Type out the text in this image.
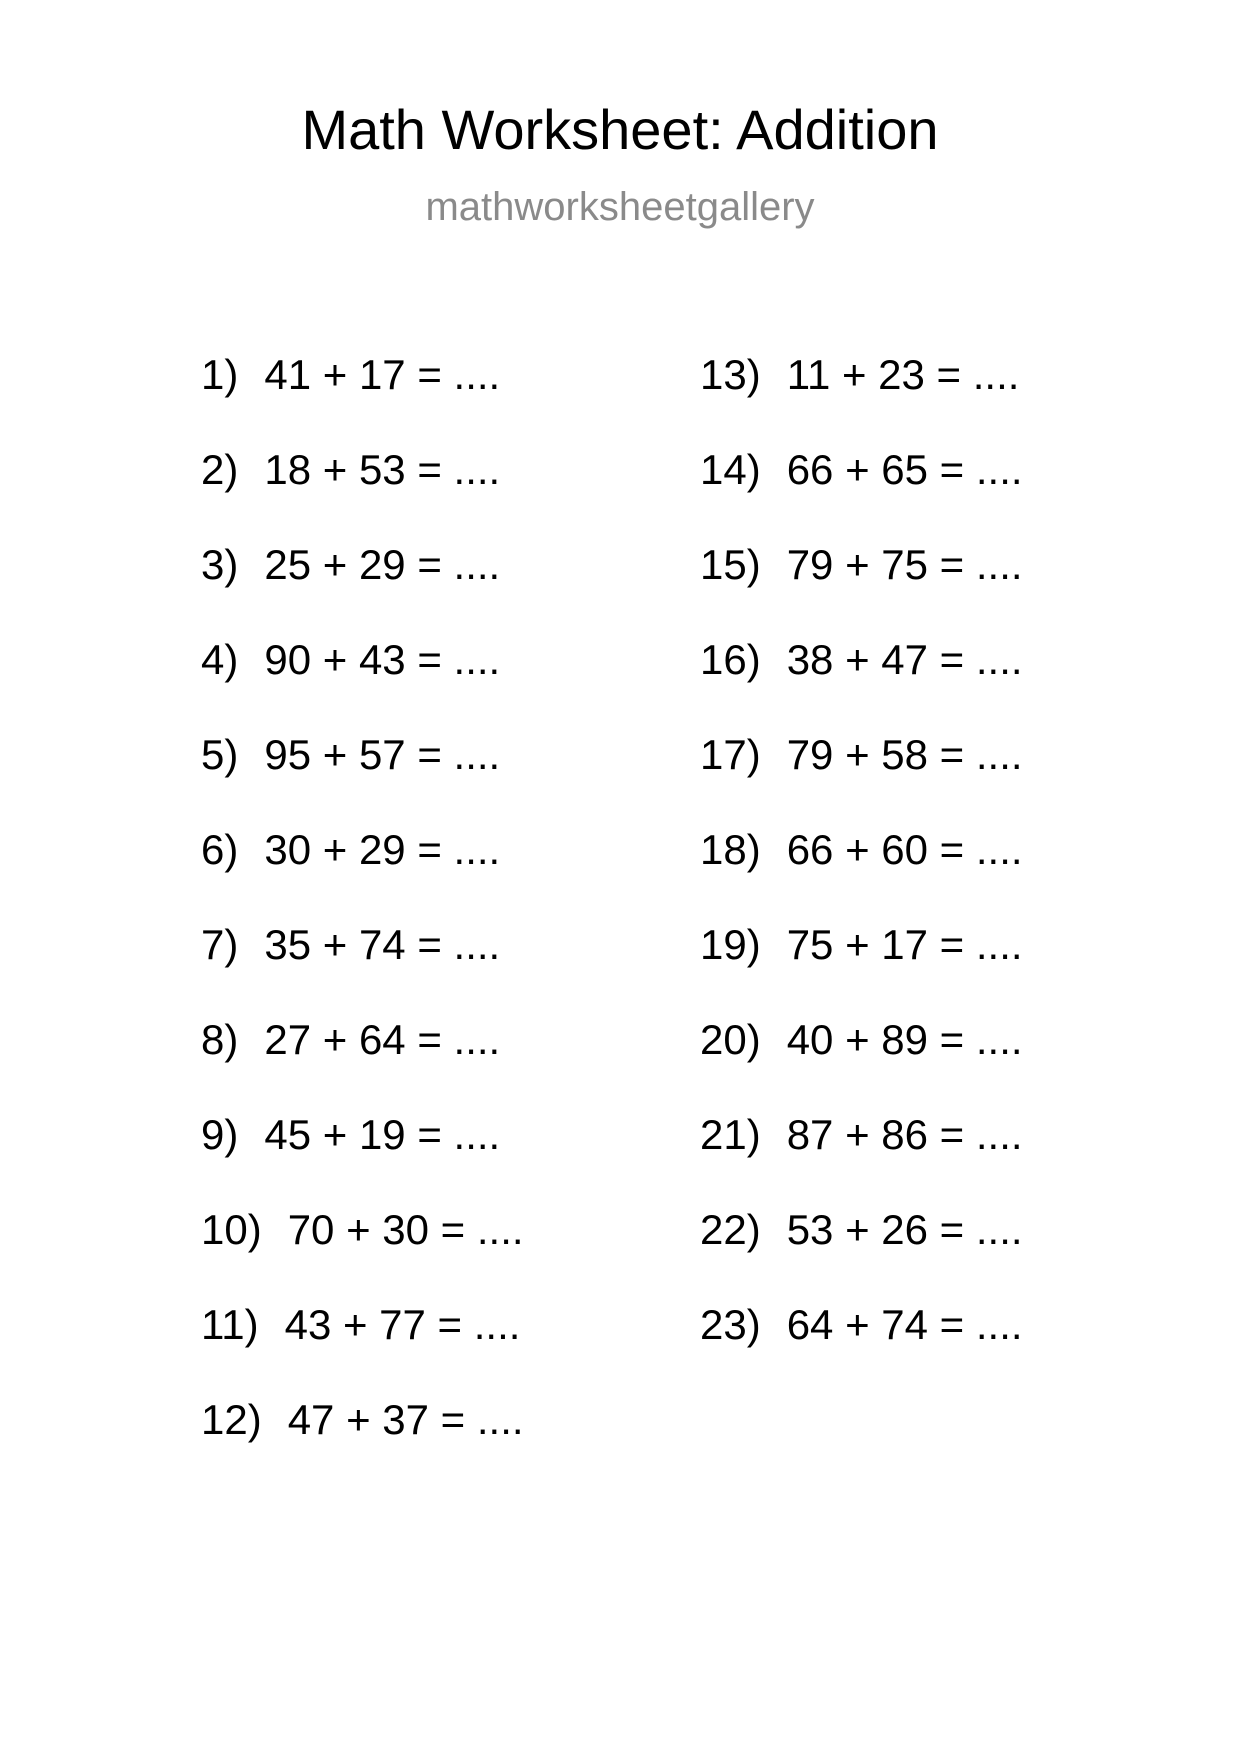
Math Worksheet: Addition
mathworksheetgallery
1) 41 + 17 = ....
2) 18 + 53 = ....
3) 25 + 29 = ....
4) 90 + 43 = ....
5) 95 + 57 = ....
6) 30 + 29 = ....
7) 35 + 74 = ....
8) 27 + 64 = ....
9) 45 + 19 = ....
10) 70 + 30 = ....
11) 43 + 77 = ....
12) 47 + 37 = ....
13) 11 + 23 = ....
14) 66 + 65 = ....
15) 79 + 75 = ....
16) 38 + 47 = ....
17) 79 + 58 = ....
18) 66 + 60 = ....
19) 75 + 17 = ....
20) 40 + 89 = ....
21) 87 + 86 = ....
22) 53 + 26 = ....
23) 64 + 74 = ....
